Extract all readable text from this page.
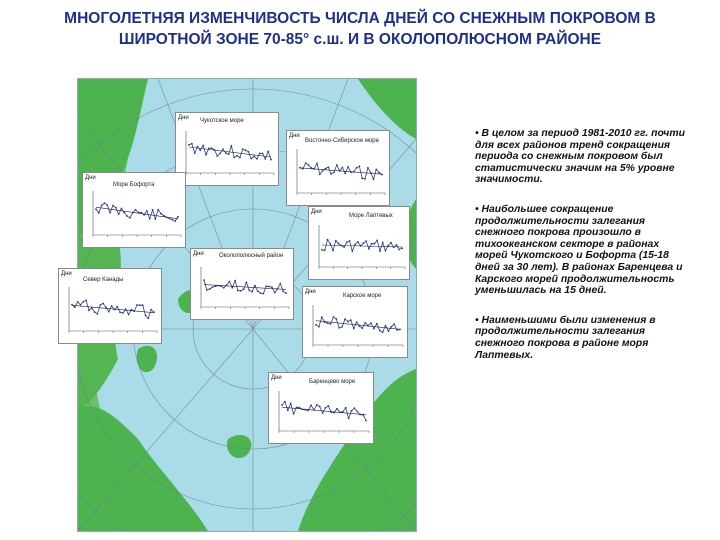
МНОГОЛЕТНЯЯ ИЗМЕНЧИВОСТЬ ЧИСЛА ДНЕЙ СО СНЕЖНЫМ ПОКРОВОМ В
ШИРОТНОЙ ЗОНЕ 70-85° с.ш. И В ОКОЛОПОЛЮСНОМ РАЙОНЕ
Чукотское море
Дни
Восточно-Сибирское море
Дни
Море Бофорта
Дни
Море Лаптевых
Дни
Околополюсный район
Дни
Север Канады
Дни
Карское море
Дни
Баренцево море
Дни

• В целом за период 1981-2010 гг. почти для всех районов тренд сокращения периода со снежным покровом был статистически значим на 5% уровне значимости.

• Наибольшее сокращение продолжительности залегания снежного покрова произошло в тихоокеанском секторе в районах морей Чукотского и Бофорта (15-18 дней за 30 лет). В районах Баренцева и Карского морей продолжительность уменьшилась на 15 дней.

• Наименьшими были изменения в продолжительности залегания снежного покрова в районе моря Лаптевых.
